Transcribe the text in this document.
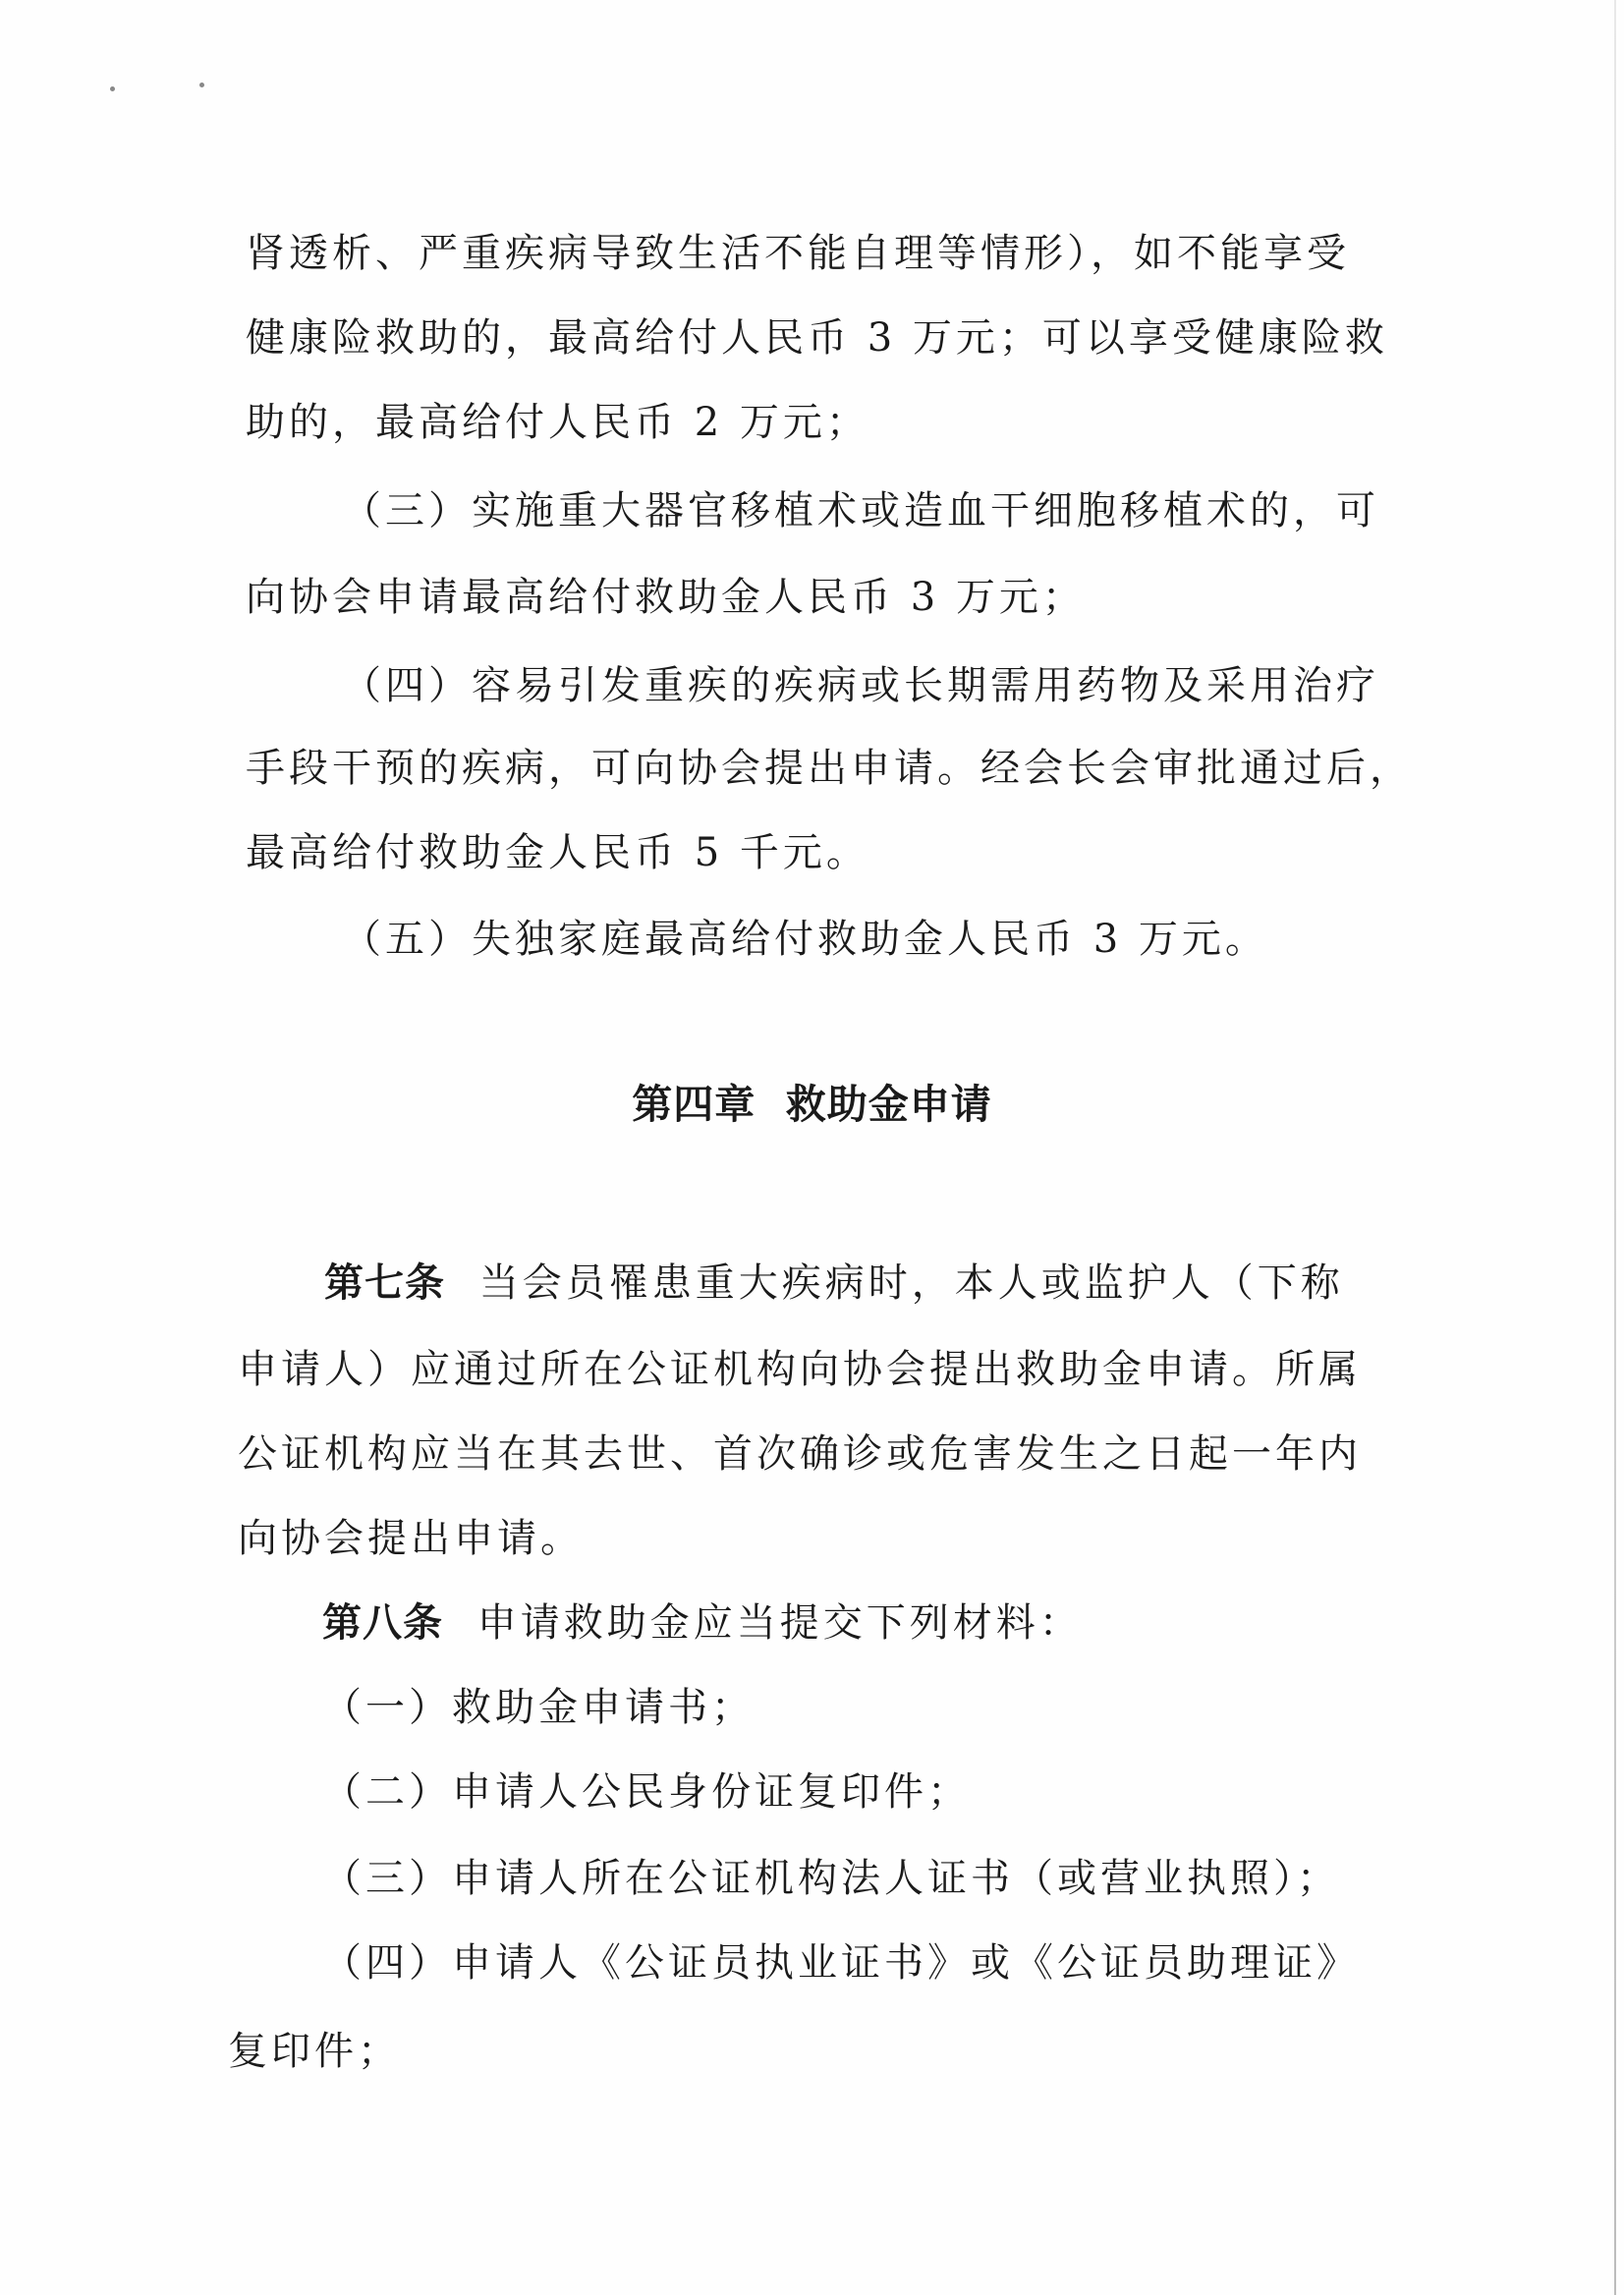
肾透析、严重疾病导致生活不能自理等情形），如不能享受
健康险救助的，最高给付人民币 3 万元；可以享受健康险救
助的，最高给付人民币 2 万元；
（三）实施重大器官移植术或造血干细胞移植术的，可
向协会申请最高给付救助金人民币 3 万元；
（四）容易引发重疾的疾病或长期需用药物及采用治疗
手段干预的疾病，可向协会提出申请。经会长会审批通过后，
最高给付救助金人民币 5 千元。
（五）失独家庭最高给付救助金人民币 3 万元。
第四章  救助金申请
第七条 当会员罹患重大疾病时，本人或监护人（下称
申请人）应通过所在公证机构向协会提出救助金申请。所属
公证机构应当在其去世、首次确诊或危害发生之日起一年内
向协会提出申请。
第八条 申请救助金应当提交下列材料：
（一）救助金申请书；
（二）申请人公民身份证复印件；
（三）申请人所在公证机构法人证书（或营业执照）；
（四）申请人《公证员执业证书》或《公证员助理证》
复印件；
